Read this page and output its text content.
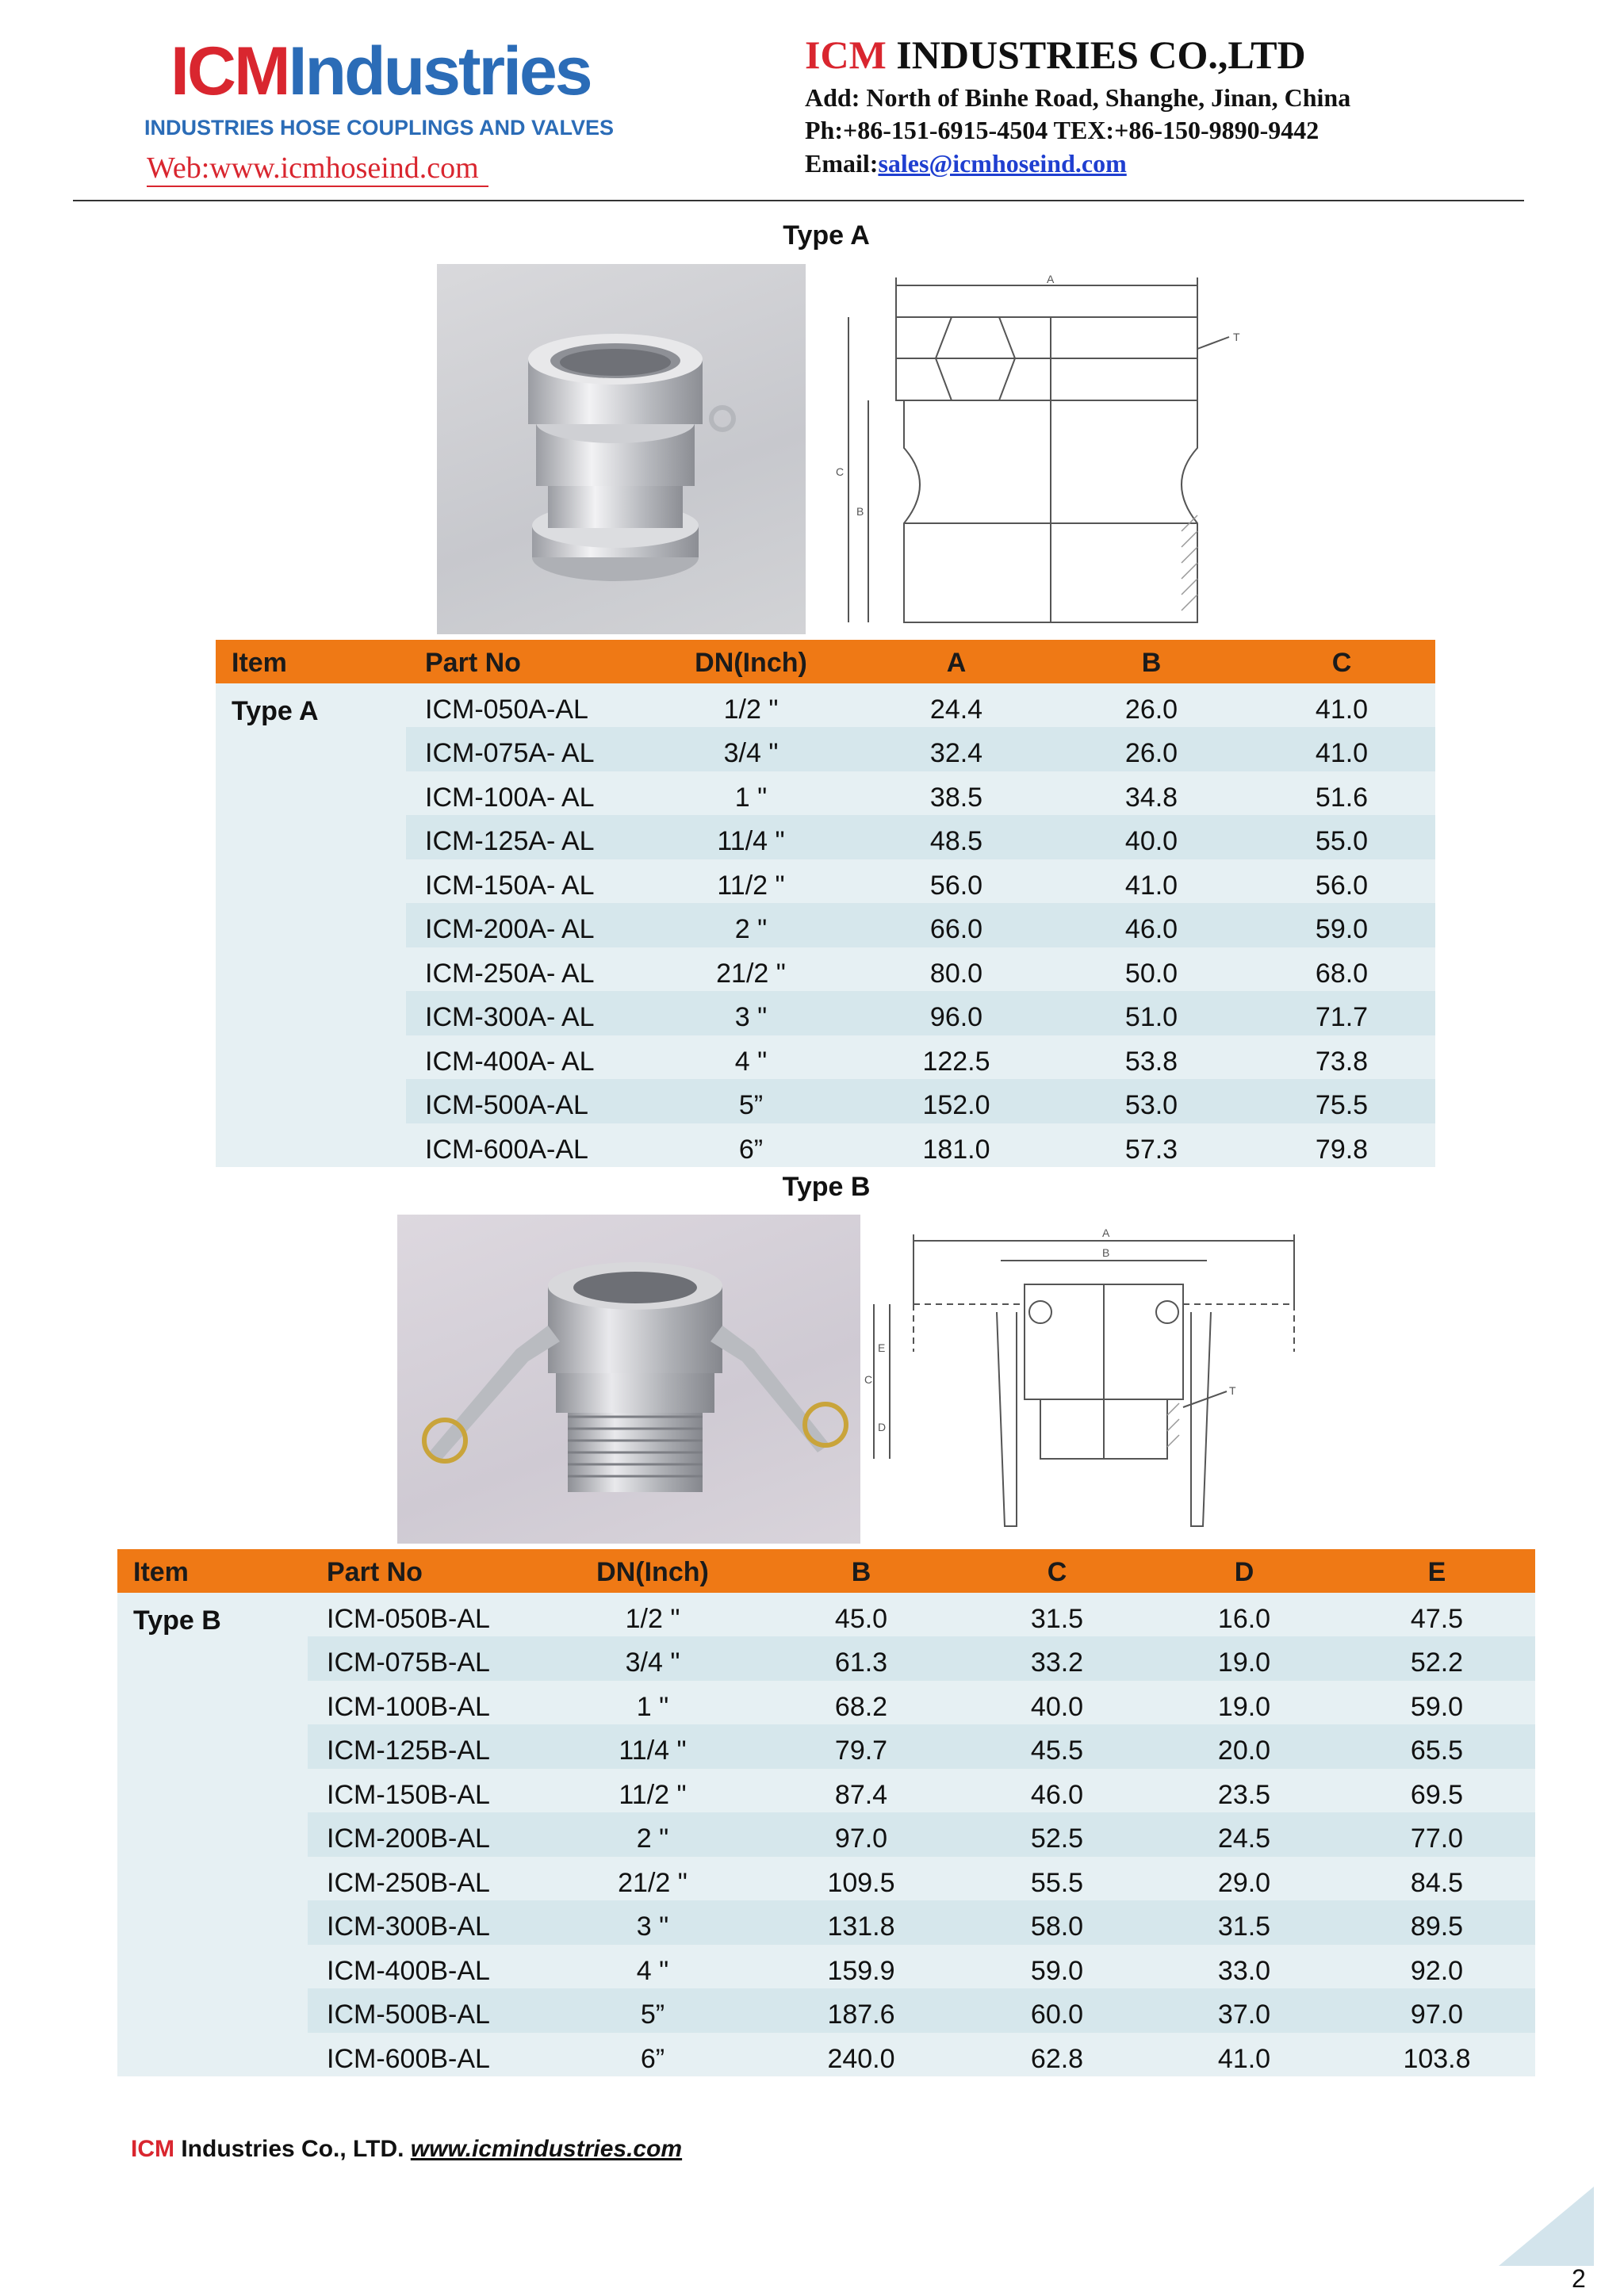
ICMIndustries
INDUSTRIES HOSE COUPLINGS AND VALVES
Web:www.icmhoseind.com
ICM INDUSTRIES CO.,LTD
Add: North of Binhe Road, Shanghe, Jinan, China
Ph:+86-151-6915-4504 TEX:+86-150-9890-9442
Email:sales@icmhoseind.com
Type A
A
C
B
T
Item	Part No	DN(Inch)	A	B	C
Type A	ICM-050A-AL	1/2 "	24.4	26.0	41.0
ICM-075A- AL	3/4 "	32.4	26.0	41.0
ICM-100A- AL	1 "	38.5	34.8	51.6
ICM-125A- AL	11/4 "	48.5	40.0	55.0
ICM-150A- AL	11/2 "	56.0	41.0	56.0
ICM-200A- AL	2 "	66.0	46.0	59.0
ICM-250A- AL	21/2 "	80.0	50.0	68.0
ICM-300A- AL	3 "	96.0	51.0	71.7
ICM-400A- AL	4 "	122.5	53.8	73.8
ICM-500A-AL	5”	152.0	53.0	75.5
ICM-600A-AL	6”	181.0	57.3	79.8
Type B
A
B
C
E
D
T
Item	Part No	DN(Inch)	B	C	D	E
Type B	ICM-050B-AL	1/2 "	45.0	31.5	16.0	47.5
ICM-075B-AL	3/4 "	61.3	33.2	19.0	52.2
ICM-100B-AL	1 "	68.2	40.0	19.0	59.0
ICM-125B-AL	11/4 "	79.7	45.5	20.0	65.5
ICM-150B-AL	11/2 "	87.4	46.0	23.5	69.5
ICM-200B-AL	2 "	97.0	52.5	24.5	77.0
ICM-250B-AL	21/2 "	109.5	55.5	29.0	84.5
ICM-300B-AL	3 "	131.8	58.0	31.5	89.5
ICM-400B-AL	4 "	159.9	59.0	33.0	92.0
ICM-500B-AL	5”	187.6	60.0	37.0	97.0
ICM-600B-AL	6”	240.0	62.8	41.0	103.8
ICM Industries Co., LTD. www.icmindustries.com
2
